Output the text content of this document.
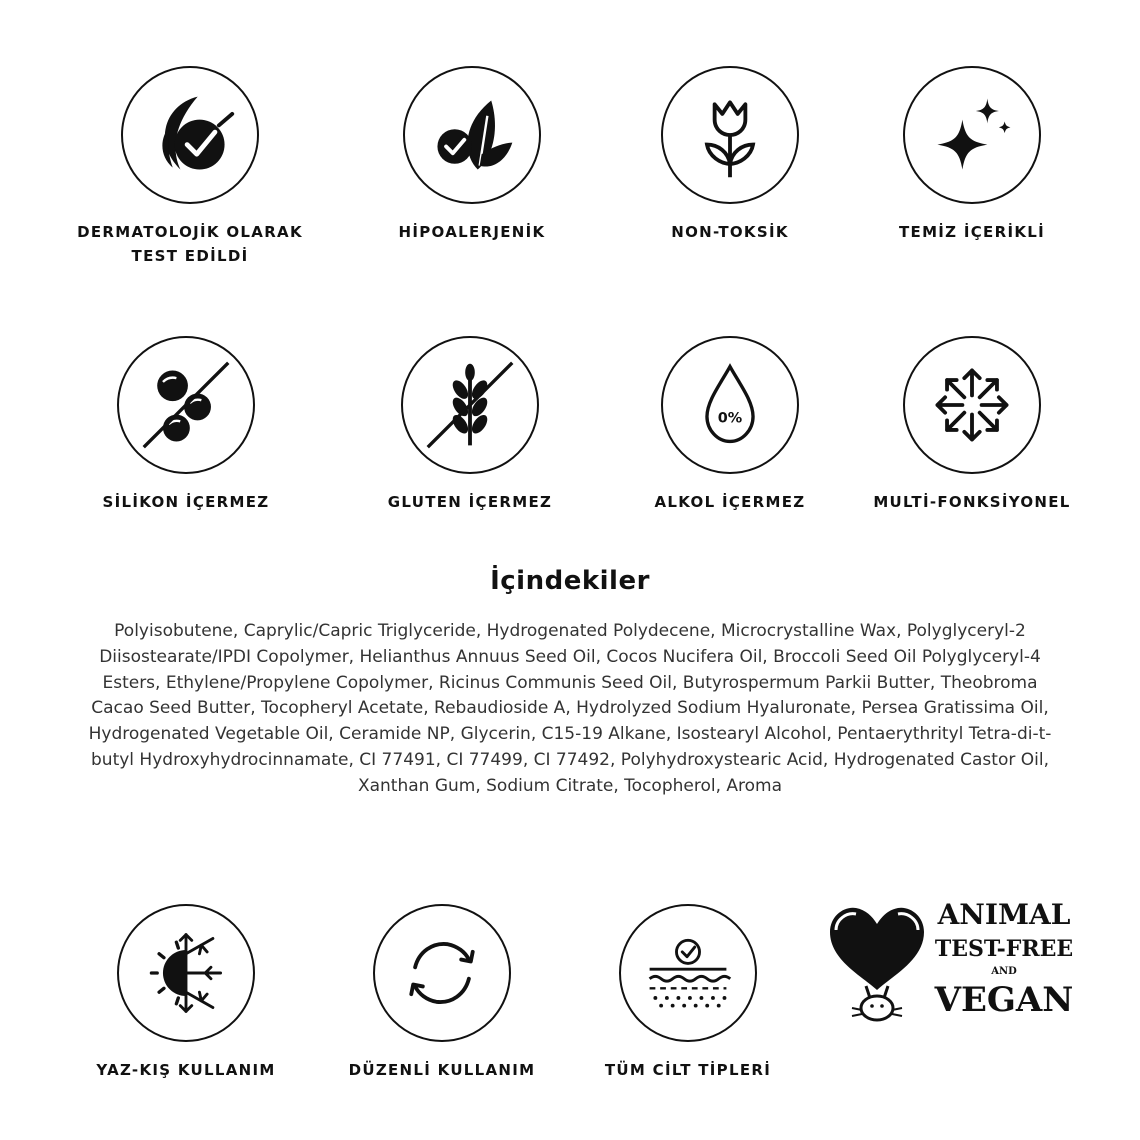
DERMATOLOJİK OLARAK
TEST EDİLDİ
HİPOALERJENİK	NON-TOKSİK	TEMİZ İÇERİKLİ
SİLİKON İÇERMEZ	GLUTEN İÇERMEZ
0%
ALKOL İÇERMEZ	MULTİ-FONKSİYONEL
İçindekiler
Polyisobutene, Caprylic/Capric Triglyceride, Hydrogenated Polydecene, Microcrystalline Wax, Polyglyceryl-2 Diisostearate/IPDI Copolymer, Helianthus Annuus Seed Oil, Cocos Nucifera Oil, Broccoli Seed Oil Polyglyceryl-4 Esters, Ethylene/Propylene Copolymer, Ricinus Communis Seed Oil, Butyrospermum Parkii Butter, Theobroma Cacao Seed Butter, Tocopheryl Acetate, Rebaudioside A, Hydrolyzed Sodium Hyaluronate, Persea Gratissima Oil, Hydrogenated Vegetable Oil, Ceramide NP, Glycerin, C15-19 Alkane, Isostearyl Alcohol, Pentaerythrityl Tetra-di-t-butyl Hydroxyhydrocinnamate, CI 77491, CI 77499, CI 77492, Polyhydroxystearic Acid, Hydrogenated Castor Oil, Xanthan Gum, Sodium Citrate, Tocopherol, Aroma
YAZ-KIŞ KULLANIM	DÜZENLİ KULLANIM	TÜM CİLT TİPLERİ
ANIMAL
TEST-FREE
AND
VEGAN
